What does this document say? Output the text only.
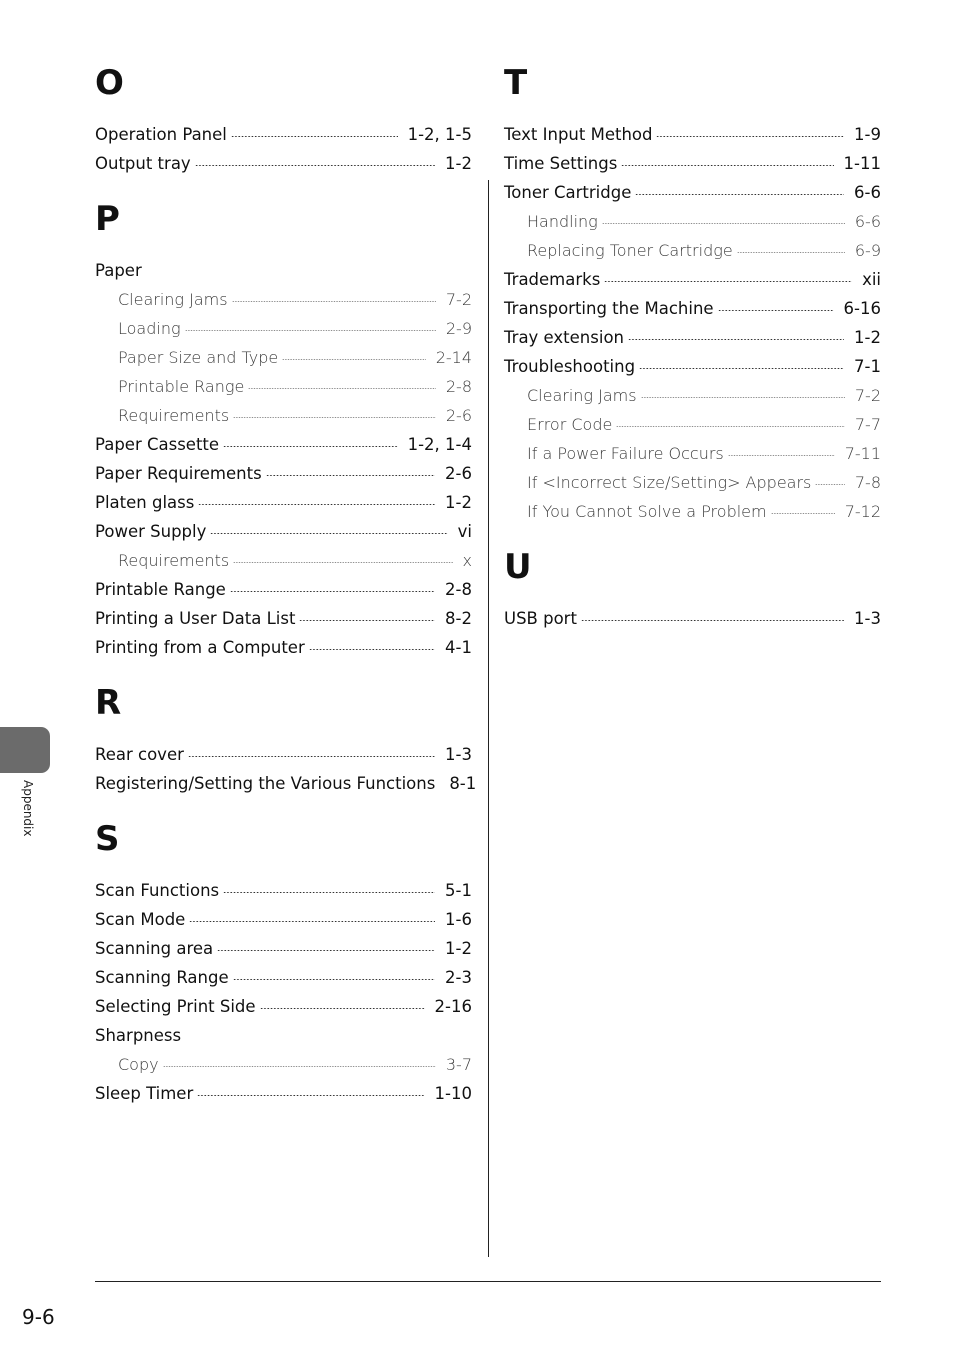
O
Operation Panel	1-2, 1-5
Output tray	1-2
P
Paper
Clearing Jams	7-2
Loading	2-9
Paper Size and Type	2-14
Printable Range	2-8
Requirements	2-6
Paper Cassette	1-2, 1-4
Paper Requirements	2-6
Platen glass	1-2
Power Supply	vi
Requirements	x
Printable Range	2-8
Printing a User Data List	8-2
Printing from a Computer	4-1
R
Rear cover	1-3
Registering/Setting the Various Functions 8-1
S
Scan Functions	5-1
Scan Mode	1-6
Scanning area	1-2
Scanning Range	2-3
Selecting Print Side	2-16
Sharpness
Copy	3-7
Sleep Timer	1-10
T
Text Input Method	1-9
Time Settings	1-11
Toner Cartridge	6-6
Handling	6-6
Replacing Toner Cartridge	6-9
Trademarks	xii
Transporting the Machine	6-16
Tray extension	1-2
Troubleshooting	7-1
Clearing Jams	7-2
Error Code	7-7
If a Power Failure Occurs	7-11
If <Incorrect Size/Setting> Appears	7-8
If You Cannot Solve a Problem	7-12
U
USB port	1-3
Appendix
9-6
